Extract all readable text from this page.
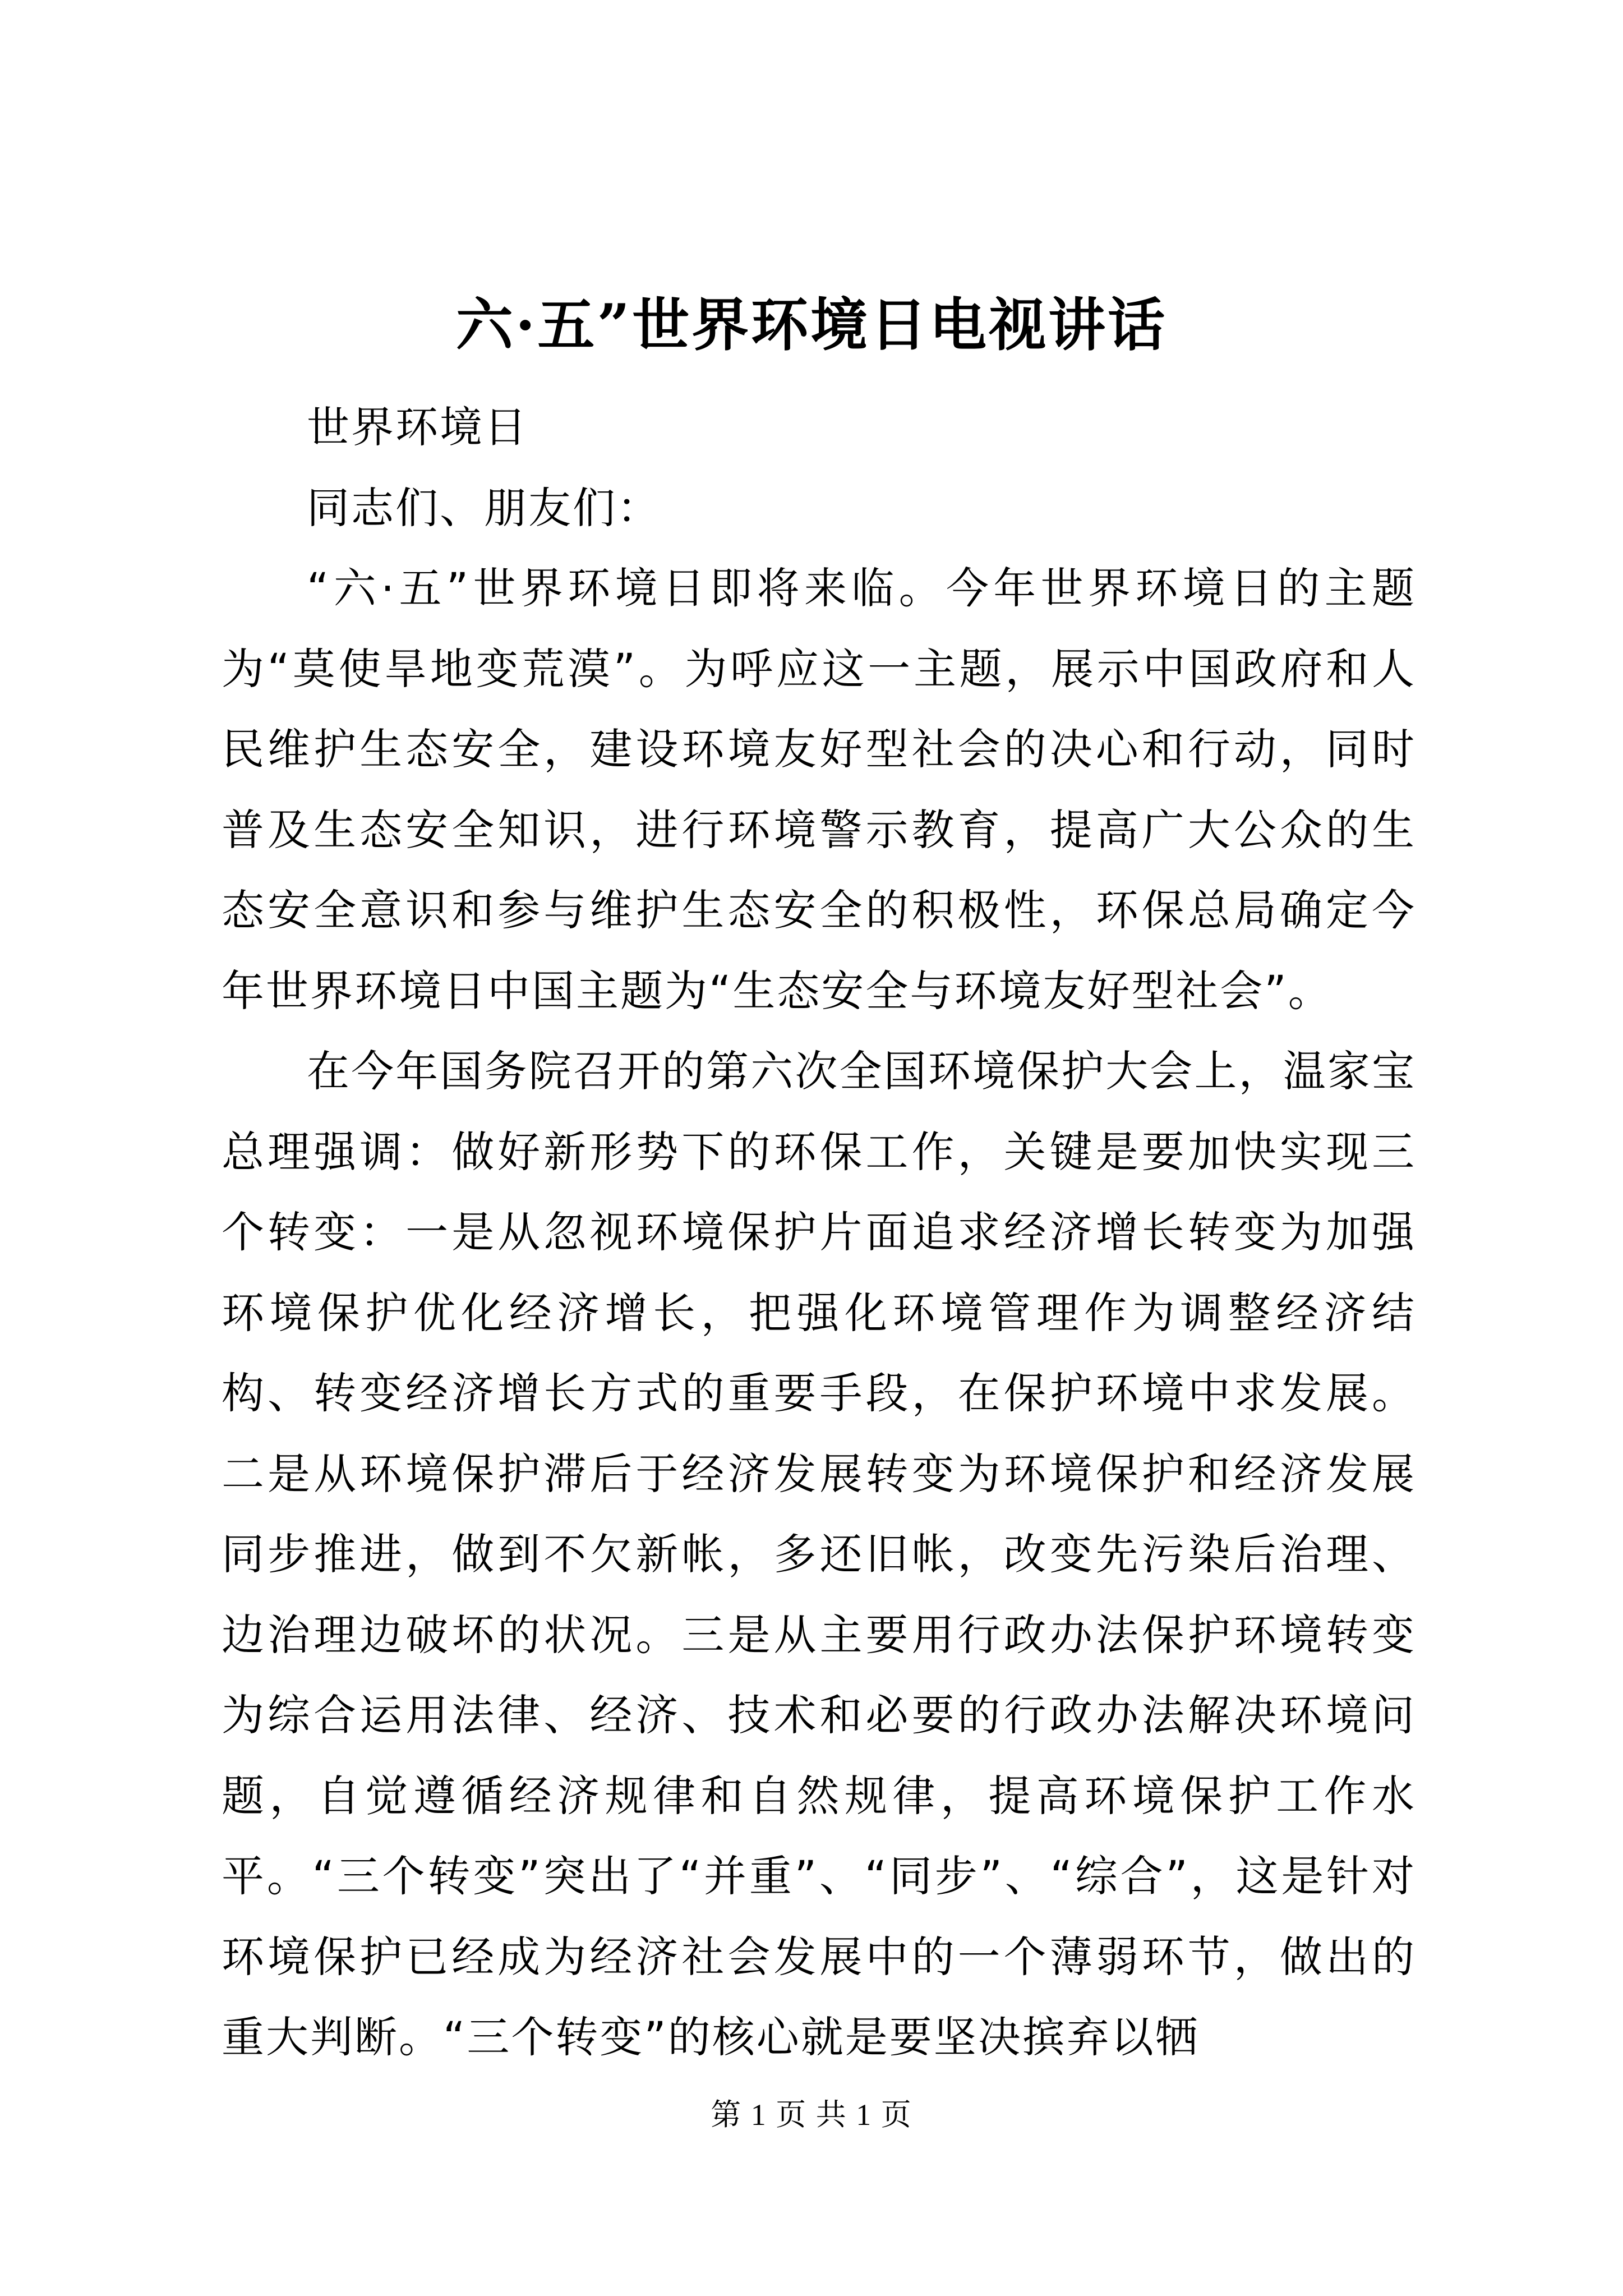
六·五”世界环境日电视讲话

世界环境日

同志们、朋友们：

“六·五”世界环境日即将来临。今年世界环境日的主题为“莫使旱地变荒漠”。为呼应这一主题，展示中国政府和人民维护生态安全，建设环境友好型社会的决心和行动，同时普及生态安全知识，进行环境警示教育，提高广大公众的生态安全意识和参与维护生态安全的积极性，环保总局确定今年世界环境日中国主题为“生态安全与环境友好型社会”。

在今年国务院召开的第六次全国环境保护大会上，温家宝总理强调：做好新形势下的环保工作，关键是要加快实现三个转变：一是从忽视环境保护片面追求经济增长转变为加强环境保护优化经济增长，把强化环境管理作为调整经济结构、转变经济增长方式的重要手段，在保护环境中求发展。二是从环境保护滞后于经济发展转变为环境保护和经济发展同步推进，做到不欠新帐，多还旧帐，改变先污染后治理、边治理边破坏的状况。三是从主要用行政办法保护环境转变为综合运用法律、经济、技术和必要的行政办法解决环境问题，自觉遵循经济规律和自然规律，提高环境保护工作水平。“三个转变”突出了“并重”、“同步”、“综合”，这是针对环境保护已经成为经济社会发展中的一个薄弱环节，做出的重大判断。“三个转变”的核心就是要坚决摈弃以牺

第 1 页 共 1 页
